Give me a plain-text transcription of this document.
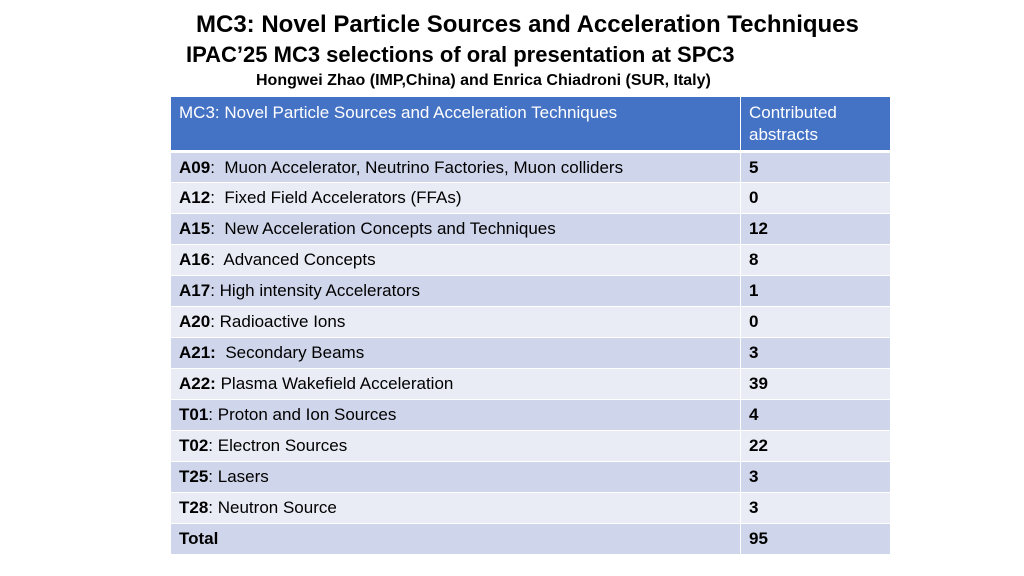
MC3: Novel Particle Sources and Acceleration Techniques
IPAC’25 MC3 selections of oral presentation at SPC3
Hongwei Zhao (IMP,China) and Enrica Chiadroni (SUR, Italy)
MC3: Novel Particle Sources and Acceleration Techniques	Contributed abstracts
A09:  Muon Accelerator, Neutrino Factories, Muon colliders	5
A12:  Fixed Field Accelerators (FFAs)	0
A15:  New Acceleration Concepts and Techniques	12
A16:  Advanced Concepts	8
A17: High intensity Accelerators	1
A20: Radioactive Ions	0
A21: Secondary Beams	3
A22: Plasma Wakefield Acceleration	39
T01: Proton and Ion Sources	4
T02: Electron Sources	22
T25: Lasers	3
T28: Neutron Source	3
Total	95
